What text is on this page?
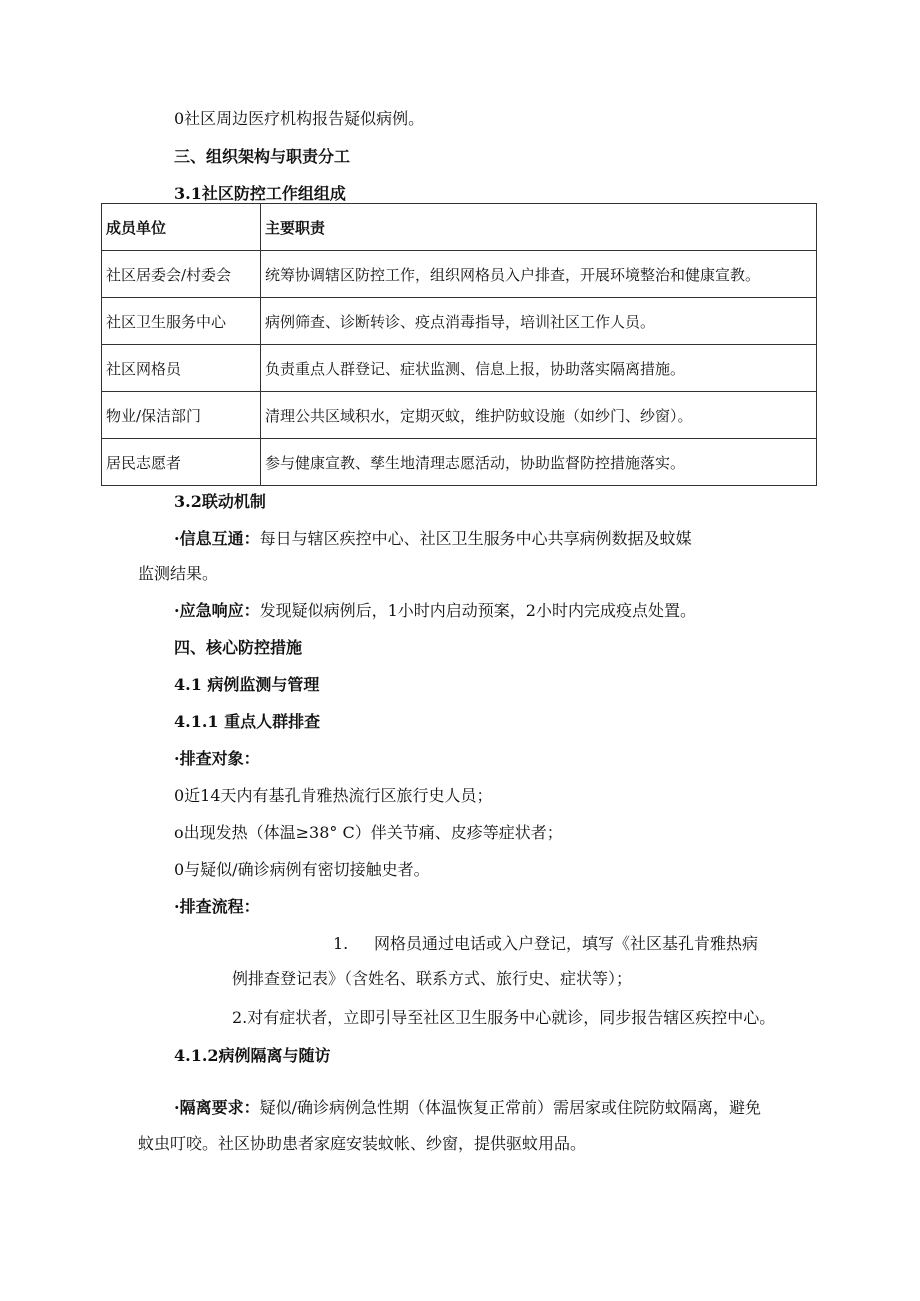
0社区周边医疗机构报告疑似病例。
三、组织架构与职责分工
3.1社区防控工作组组成
成员单位	主要职责
社区居委会/村委会	统筹协调辖区防控工作，组织网格员入户排查，开展环境整治和健康宣教。
社区卫生服务中心	病例筛查、诊断转诊、疫点消毒指导，培训社区工作人员。
社区网格员	负责重点人群登记、症状监测、信息上报，协助落实隔离措施。
物业/保洁部门	清理公共区域积水，定期灭蚊，维护防蚊设施（如纱门、纱窗）。
居民志愿者	参与健康宣教、孳生地清理志愿活动，协助监督防控措施落实。
3.2联动机制
·信息互通：每日与辖区疾控中心、社区卫生服务中心共享病例数据及蚊媒
监测结果。
·应急响应：发现疑似病例后，1小时内启动预案，2小时内完成疫点处置。
四、核心防控措施
4.1 病例监测与管理
4.1.1 重点人群排查
·排查对象：
0近14天内有基孔肯雅热流行区旅行史人员；
o出现发热（体温≥38° C）伴关节痛、皮疹等症状者；
0与疑似/确诊病例有密切接触史者。
·排查流程：
1. 网格员通过电话或入户登记，填写《社区基孔肯雅热病
例排查登记表》（含姓名、联系方式、旅行史、症状等）；
2.对有症状者，立即引导至社区卫生服务中心就诊，同步报告辖区疾控中心。
4.1.2病例隔离与随访
·隔离要求：疑似/确诊病例急性期（体温恢复正常前）需居家或住院防蚊隔离，避免
蚊虫叮咬。社区协助患者家庭安装蚊帐、纱窗，提供驱蚊用品。
